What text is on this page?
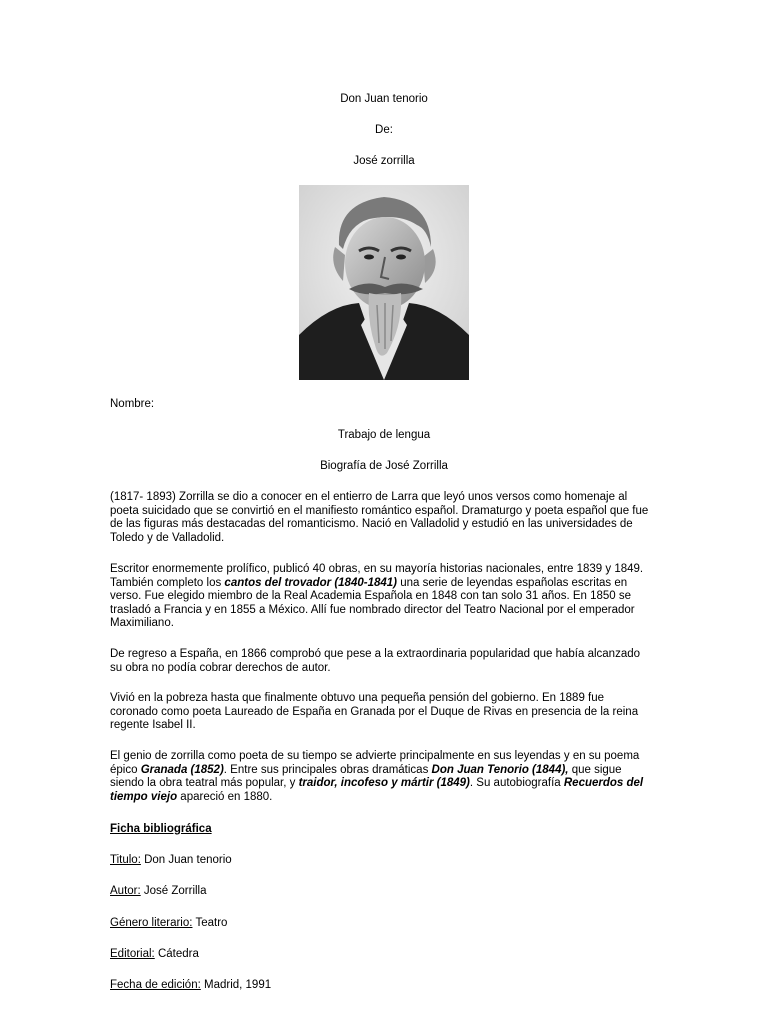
Don Juan tenorio
De:
José zorrilla
Nombre:
Trabajo de lengua
Biografía de José Zorrilla
(1817- 1893) Zorrilla se dio a conocer en el entierro de Larra que leyó unos versos como homenaje al
poeta suicidado que se convirtió en el manifiesto romántico español. Dramaturgo y poeta español que fue
de las figuras más destacadas del romanticismo. Nació en Valladolid y estudió en las universidades de
Toledo y de Valladolid.
Escritor enormemente prolífico, publicó 40 obras, en su mayoría historias nacionales, entre 1839 y 1849.
También completo los cantos del trovador (1840-1841) una serie de leyendas españolas escritas en
verso. Fue elegido miembro de la Real Academia Española en 1848 con tan solo 31 años. En 1850 se
trasladó a Francia y en 1855 a México. Allí fue nombrado director del Teatro Nacional por el emperador
Maximiliano.
De regreso a España, en 1866 comprobó que pese a la extraordinaria popularidad que había alcanzado
su obra no podía cobrar derechos de autor.
Vivió en la pobreza hasta que finalmente obtuvo una pequeña pensión del gobierno. En 1889 fue
coronado como poeta Laureado de España en Granada por el Duque de Rivas en presencia de la reina
regente Isabel II.
El genio de zorrilla como poeta de su tiempo se advierte principalmente en sus leyendas y en su poema
épico Granada (1852). Entre sus principales obras dramáticas Don Juan Tenorio (1844), que sigue
siendo la obra teatral más popular, y traidor, incofeso y mártir (1849). Su autobiografía Recuerdos del
tiempo viejo apareció en 1880.
Ficha bibliográfica
Titulo: Don Juan tenorio
Autor: José Zorrilla
Género literario: Teatro
Editorial: Cátedra
Fecha de edición: Madrid, 1991
